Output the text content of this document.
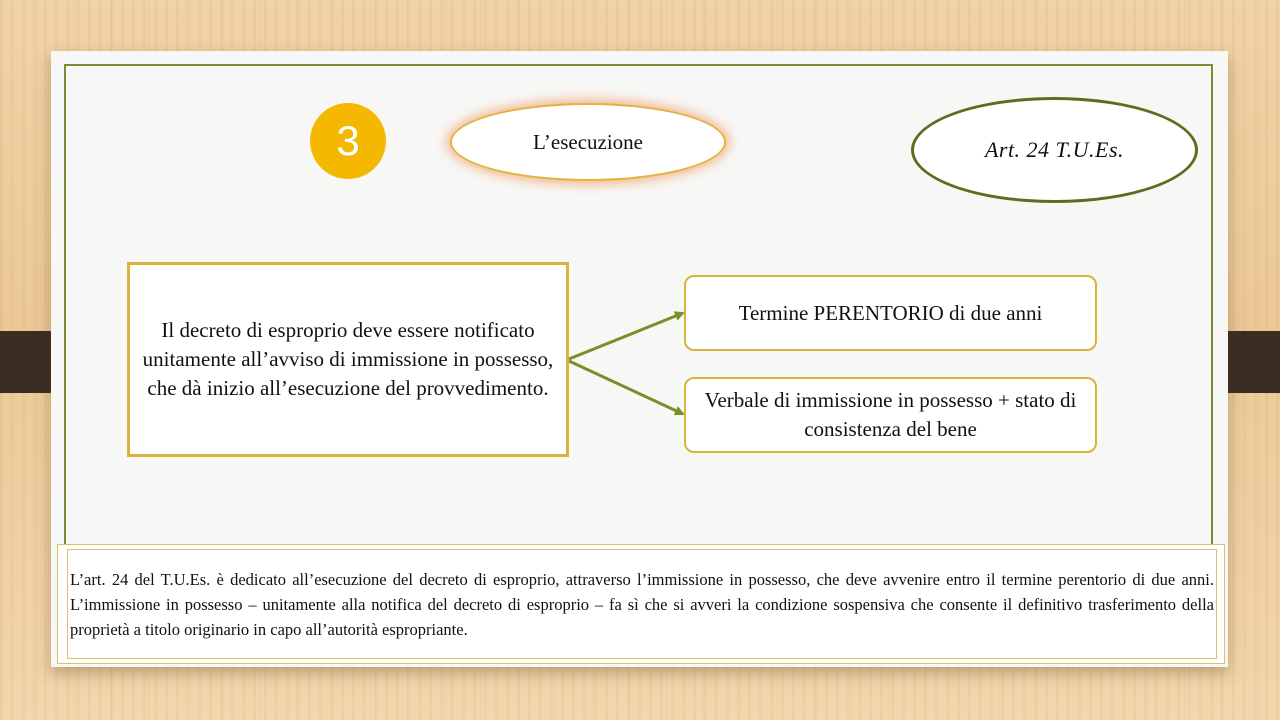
3	L’esecuzione	Art. 24 T.U.Es.
Il decreto di esproprio deve essere notificato unitamente all’avviso di immissione in possesso, che dà inizio all’esecuzione del provvedimento.
Termine PERENTORIO di due anni
Verbale di immissione in possesso + stato di consistenza del bene
L’art. 24 del T.U.Es. è dedicato all’esecuzione del decreto di esproprio, attraverso l’immissione in possesso, che deve avvenire entro il termine perentorio di due anni. L’immissione in possesso – unitamente alla notifica del decreto di esproprio – fa sì che si avveri la condizione sospensiva che consente il definitivo trasferimento della proprietà a titolo originario in capo all’autorità espropriante.
